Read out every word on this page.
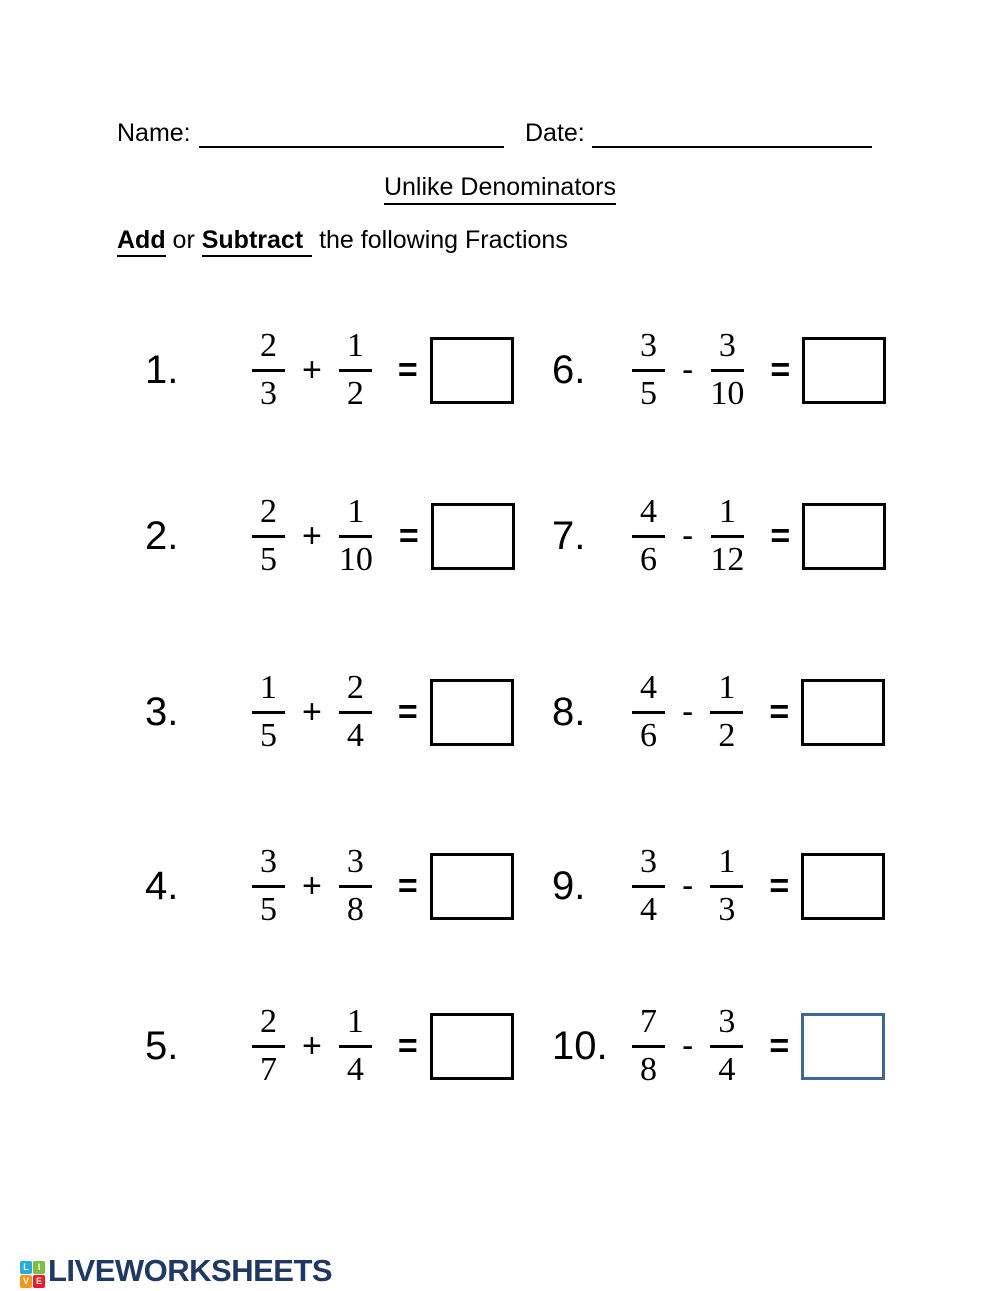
Name:	Date:
Unlike Denominators
Add or Subtract the following Fractions
1.	$\frac{2}{3} + \frac{1}{2}$ =	6.	$\frac{3}{5} - \frac{3}{10}$ =
2.	$\frac{2}{5} + \frac{1}{10}$ =	7.	$\frac{4}{6} - \frac{1}{12}$ =
3.	$\frac{1}{5} + \frac{2}{4}$ =	8.	$\frac{4}{6} - \frac{1}{2}$ =
4.	$\frac{3}{5} + \frac{3}{8}$ =	9.	$\frac{3}{4} - \frac{1}{3}$ =
5.	$\frac{2}{7} + \frac{1}{4}$ =	10. $\frac{7}{8} - \frac{3}{4}$ =
L I
V E LIVEWORKSHEETS
